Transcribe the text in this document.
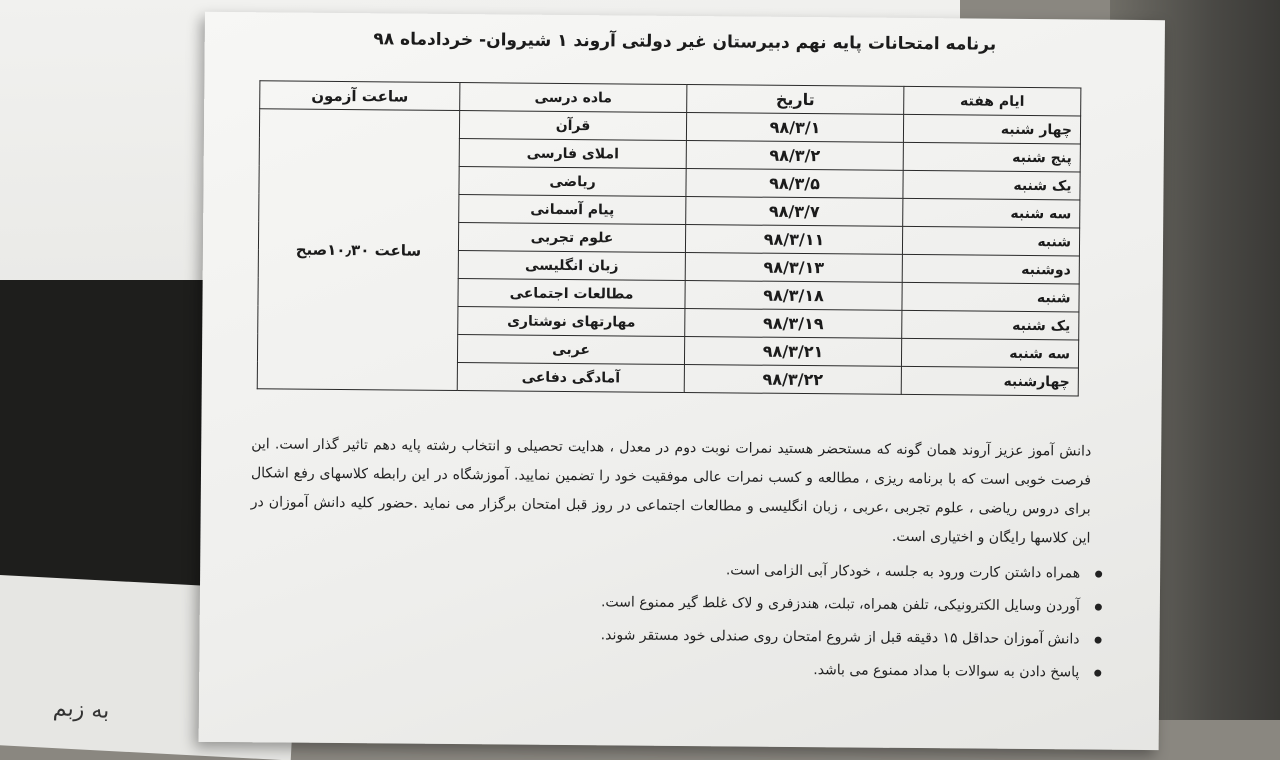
به زبم
برنامه امتحانات پایه نهم دبیرستان غیر دولتی آروند ۱ شیروان- خردادماه ۹۸
ایام هفته	تاریخ	ماده درسی	ساعت آزمون
چهار شنبه	۹۸/۳/۱	قرآن	ساعت ۱۰٫۳۰صبح
پنج شنبه	۹۸/۳/۲	املای فارسی	
یک شنبه	۹۸/۳/۵	ریاضی	
سه شنبه	۹۸/۳/۷	پیام آسمانی	
شنبه	۹۸/۳/۱۱	علوم تجربی	
دوشنبه	۹۸/۳/۱۳	زبان انگلیسی	
شنبه	۹۸/۳/۱۸	مطالعات اجتماعی	
یک شنبه	۹۸/۳/۱۹	مهارتهای نوشتاری	
سه شنبه	۹۸/۳/۲۱	عربی	
چهارشنبه	۹۸/۳/۲۲	آمادگی دفاعی	

دانش آموز عزیز آروند همان گونه که مستحضر هستید نمرات نوبت دوم در معدل ، هدایت تحصیلی و انتخاب رشته پایه دهم تاثیر گذار است. این فرصت خوبی است که با برنامه ریزی ، مطالعه و کسب نمرات عالی موفقیت خود را تضمین نمایید. آموزشگاه در این رابطه کلاسهای رفع اشکال برای دروس ریاضی ، علوم تجربی ،عربی ، زبان انگلیسی و مطالعات اجتماعی در روز قبل امتحان برگزار می نماید .حضور کلیه دانش آموزان در این کلاسها رایگان و اختیاری است.

همراه داشتن کارت ورود به جلسه ، خودکار آبی الزامی است.
آوردن وسایل الکترونیکی، تلفن همراه، تبلت، هندزفری و لاک غلط گیر ممنوع است.
دانش آموزان حداقل ۱۵ دقیقه قبل از شروع امتحان روی صندلی خود مستقر شوند.
پاسخ دادن به سوالات با مداد ممنوع می باشد.
